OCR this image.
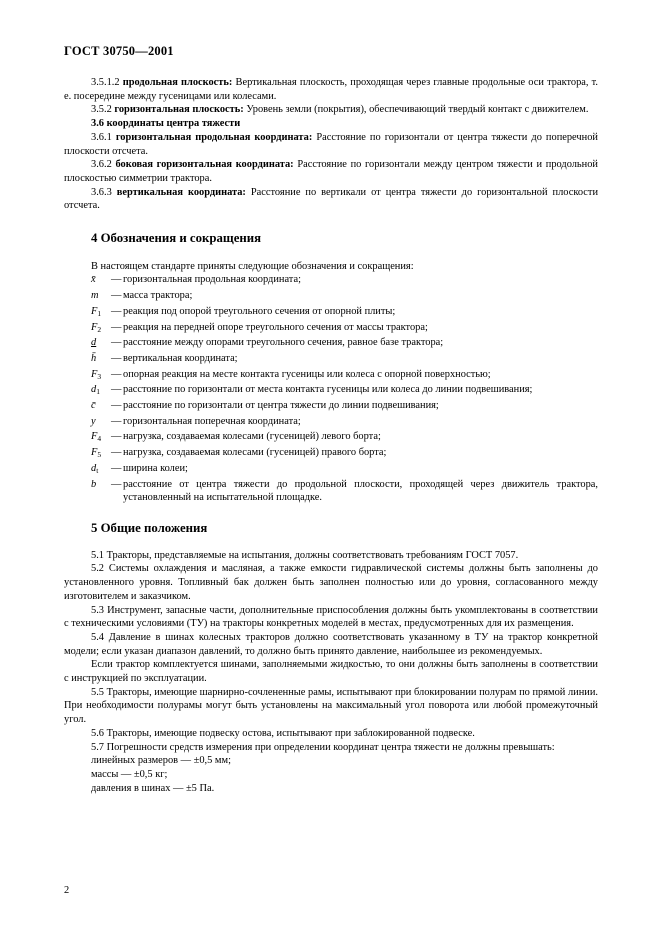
ГОСТ 30750—2001

3.5.1.2 продольная плоскость: Вертикальная плоскость, проходящая через главные продольные оси трактора, т. е. посередине между гусеницами или колесами.

3.5.2 горизонтальная плоскость: Уровень земли (покрытия), обеспечивающий твердый контакт с движителем.

3.6 координаты центра тяжести

3.6.1 горизонтальная продольная координата: Расстояние по горизонтали от центра тяжести до поперечной плоскости отсчета.

3.6.2 боковая горизонтальная координата: Расстояние по горизонтали между центром тяжести и продольной плоскостью симметрии трактора.

3.6.3 вертикальная координата: Расстояние по вертикали от центра тяжести до горизонтальной плоскости отсчета.

4 Обозначения и сокращения

В настоящем стандарте приняты следующие обозначения и сокращения:

x̄	— горизонтальная продольная координата;
m	— масса трактора;
$F_1$ — реакция под опорой треугольного сечения от опорной плиты;
$F_2$ — реакция на передней опоре треугольного сечения от массы трактора;
d	— расстояние между опорами треугольного сечения, равное базе трактора;
h̄	— вертикальная координата;
$F_3$ — опорная реакция на месте контакта гусеницы или колеса с опорной поверхностью;
$d_1$	— расстояние по горизонтали от места контакта гусеницы или колеса до линии подвешивания;
c̄	— расстояние по горизонтали от центра тяжести до линии подвешивания;
y	— горизонтальная поперечная координата;
$F_4$ — нагрузка, создаваемая колесами (гусеницей) левого борта;
$F_5$ — нагрузка, создаваемая колесами (гусеницей) правого борта;
$d_t$	— ширина колеи;
b	— расстояние от центра тяжести до продольной плоскости, проходящей через движитель трактора, установленный на испытательной площадке.
5 Общие положения

5.1 Тракторы, представляемые на испытания, должны соответствовать требованиям ГОСТ 7057.

5.2 Системы охлаждения и масляная, а также емкости гидравлической системы должны быть заполнены до установленного уровня. Топливный бак должен быть заполнен полностью или до уровня, согласованного между изготовителем и заказчиком.

5.3 Инструмент, запасные части, дополнительные приспособления должны быть укомплектованы в соответствии с техническими условиями (ТУ) на тракторы конкретных моделей в местах, предусмотренных для их размещения.

5.4 Давление в шинах колесных тракторов должно соответствовать указанному в ТУ на трактор конкретной модели; если указан диапазон давлений, то должно быть принято давление, наибольшее из рекомендуемых.

Если трактор комплектуется шинами, заполняемыми жидкостью, то они должны быть заполнены в соответствии с инструкцией по эксплуатации.

5.5 Тракторы, имеющие шарнирно-сочлененные рамы, испытывают при блокировании полурам по прямой линии. При необходимости полурамы могут быть установлены на максимальный угол поворота или любой промежуточный угол.

5.6 Тракторы, имеющие подвеску остова, испытывают при заблокированной подвеске.

5.7 Погрешности средств измерения при определении координат центра тяжести не должны превышать:

линейных размеров — ±0,5 мм;
массы — ±0,5 кг;
давления в шинах — ±5 Па.
2
